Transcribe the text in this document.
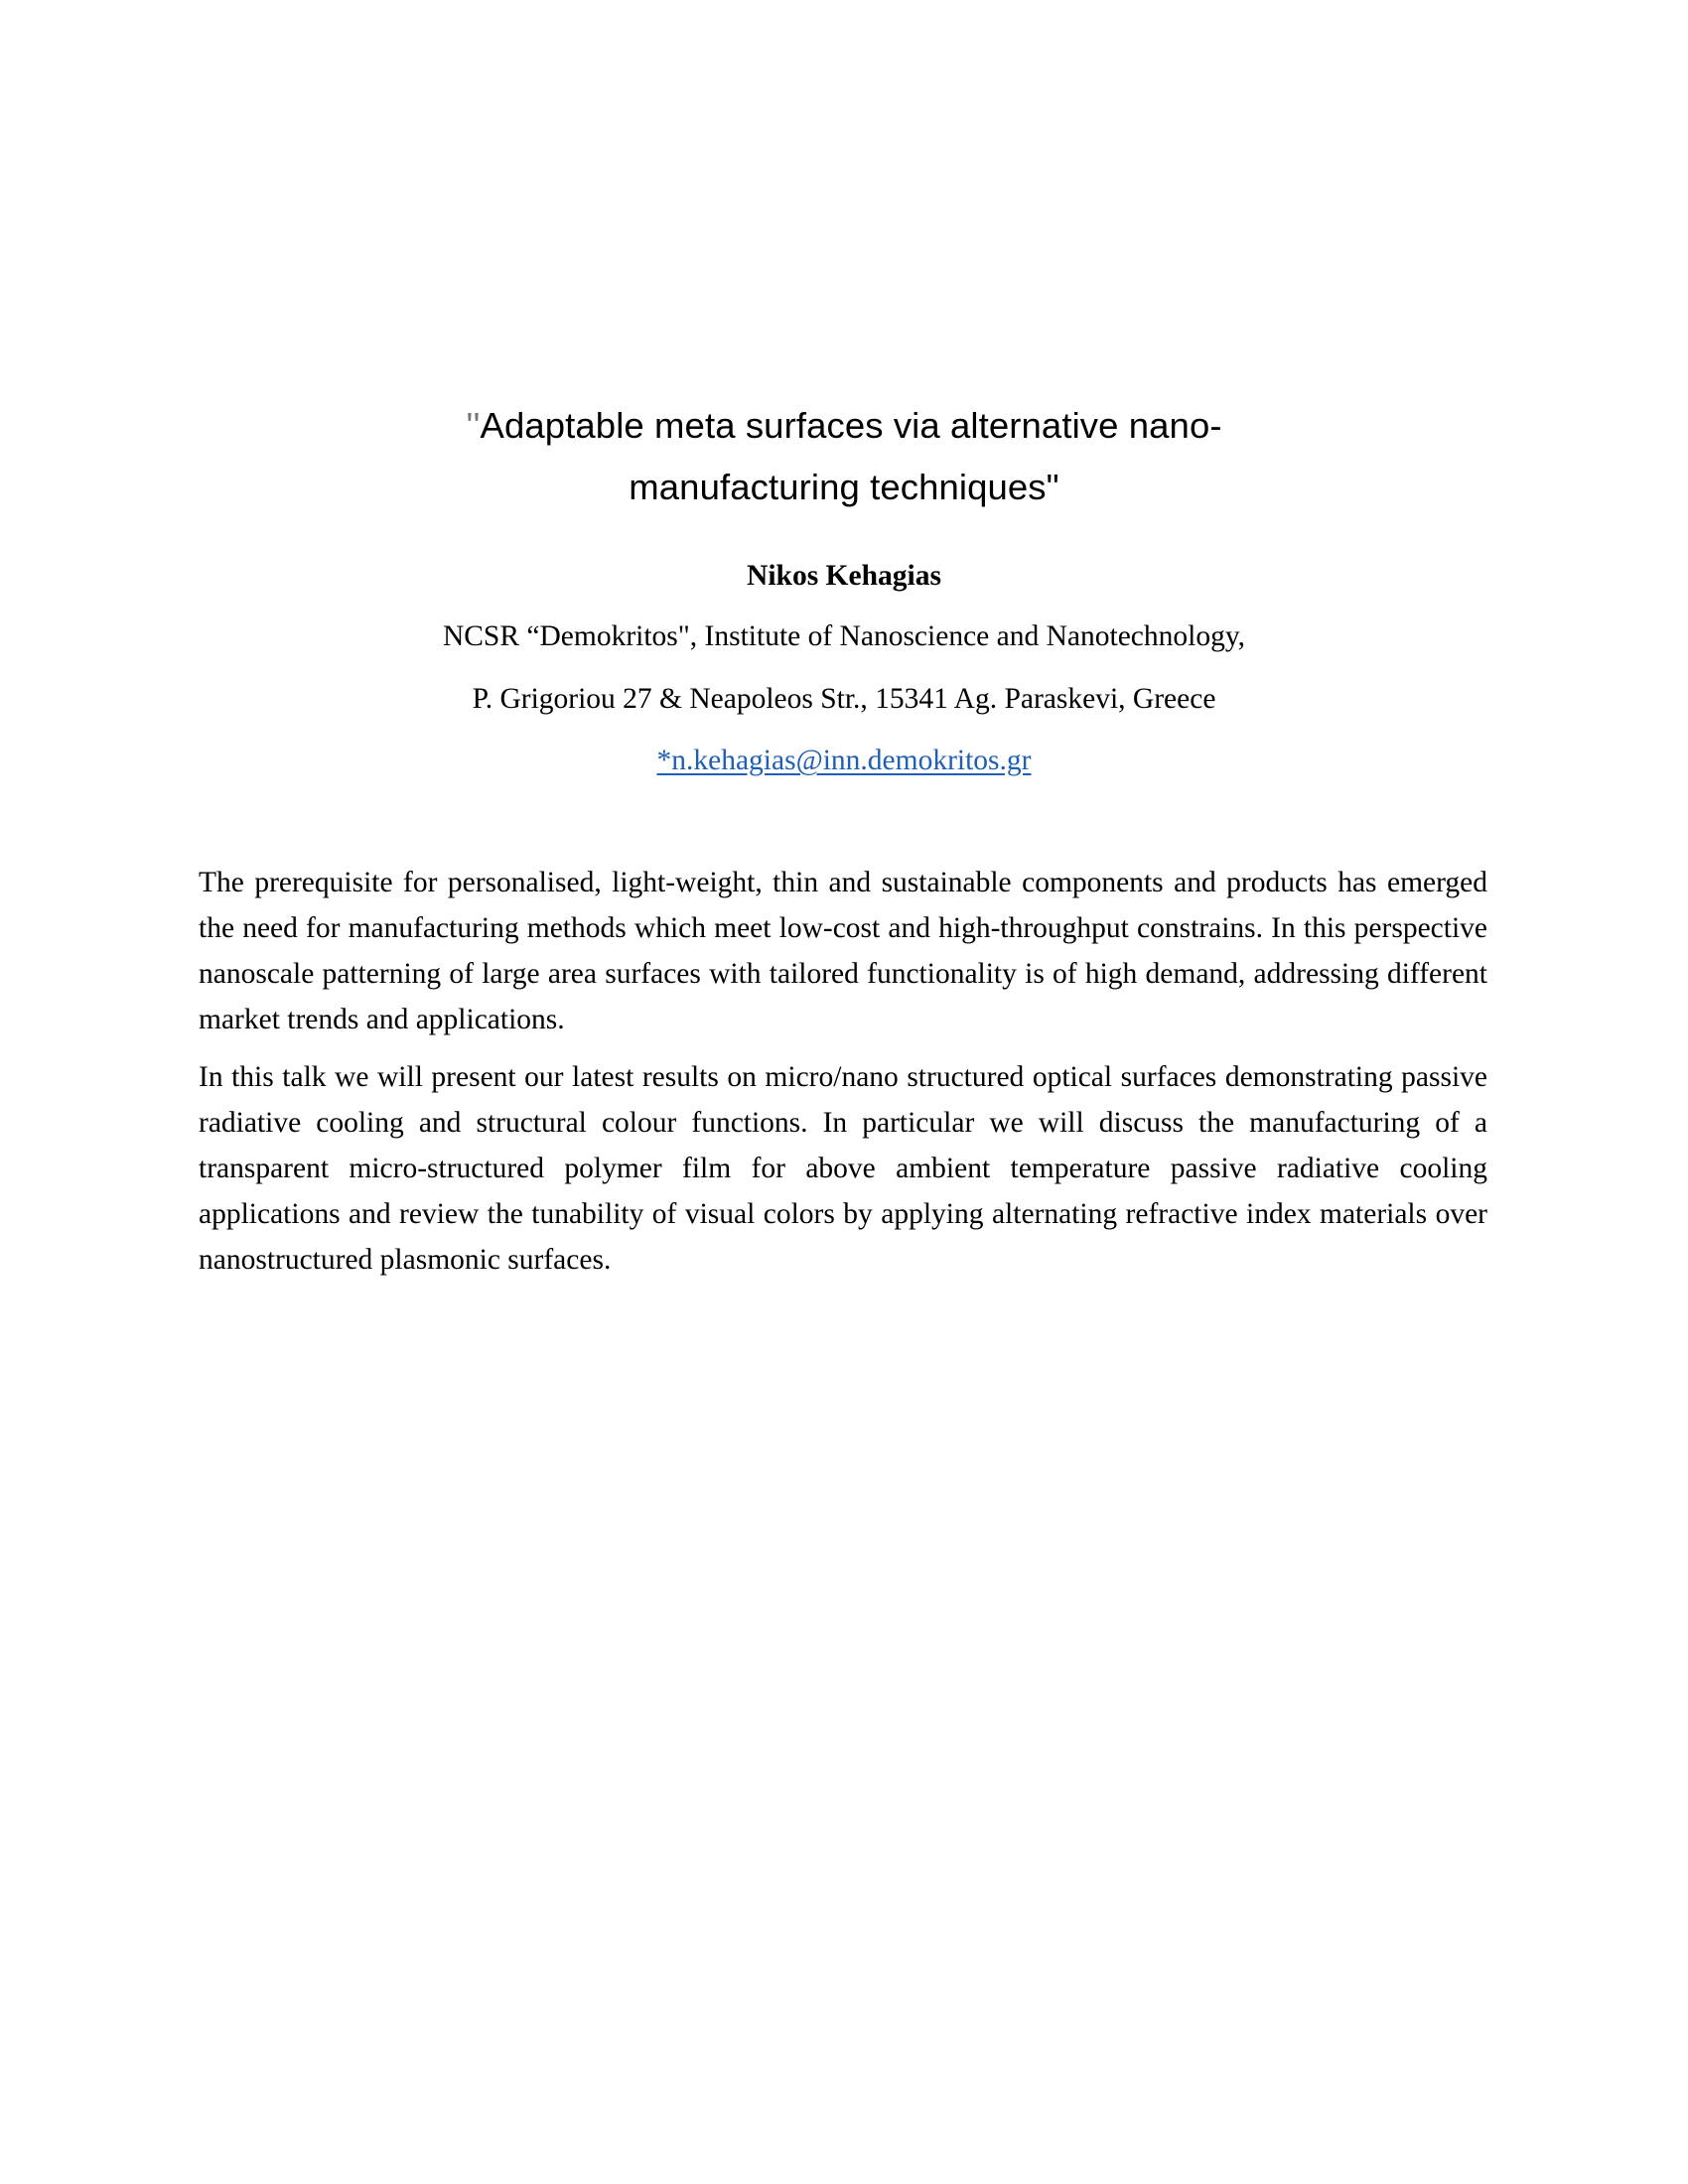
''Adaptable meta surfaces via alternative nano-
manufacturing techniques"

Nikos Kehagias

NCSR “Demokritos", Institute of Nanoscience and Nanotechnology,

P. Grigoriou 27 & Neapoleos Str., 15341 Ag. Paraskevi, Greece

*n.kehagias@inn.demokritos.gr

The prerequisite for personalised, light-weight, thin and sustainable components and products has emerged the need for manufacturing methods which meet low-cost and high-throughput constrains. In this perspective nanoscale patterning of large area surfaces with tailored functionality is of high demand, addressing different market trends and applications.

In this talk we will present our latest results on micro/nano structured optical surfaces demonstrating passive radiative cooling and structural colour functions. In particular we will discuss the manufacturing of a transparent micro-structured polymer film for above ambient temperature passive radiative cooling applications and review the tunability of visual colors by applying alternating refractive index materials over nanostructured plasmonic surfaces.
